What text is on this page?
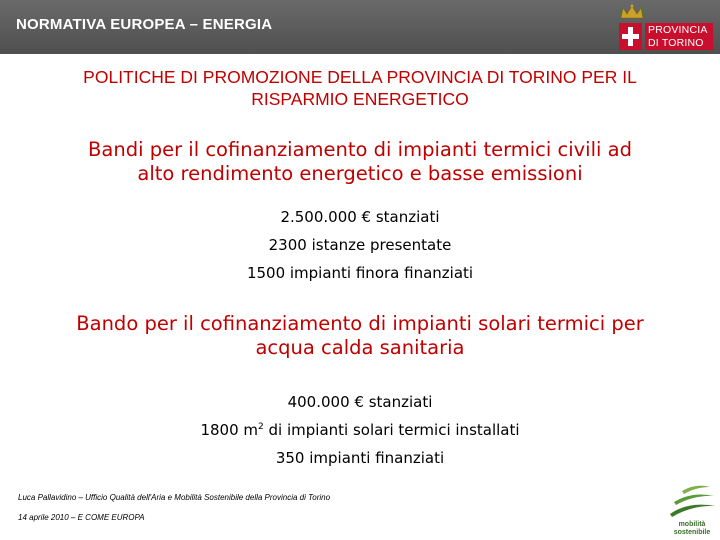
NORMATIVA EUROPEA – ENERGIA	PROVINCIA
DI TORINO
POLITICHE DI PROMOZIONE DELLA PROVINCIA DI TORINO PER IL
RISPARMIO ENERGETICO
Bandi per il cofinanziamento di impianti termici civili ad
alto rendimento energetico e basse emissioni
2.500.000 € stanziati
2300 istanze presentate
1500 impianti finora finanziati
Bando per il cofinanziamento di impianti solari termici per
acqua calda sanitaria
400.000 € stanziati
1800 $m^2$ di impianti solari termici installati
350 impianti finanziati
Luca Pallavidino – Ufficio Qualità dell'Aria e Mobilità Sostenibile della Provincia di Torino
14 aprile 2010 – E COME EUROPA
mobilità
sostenibile
